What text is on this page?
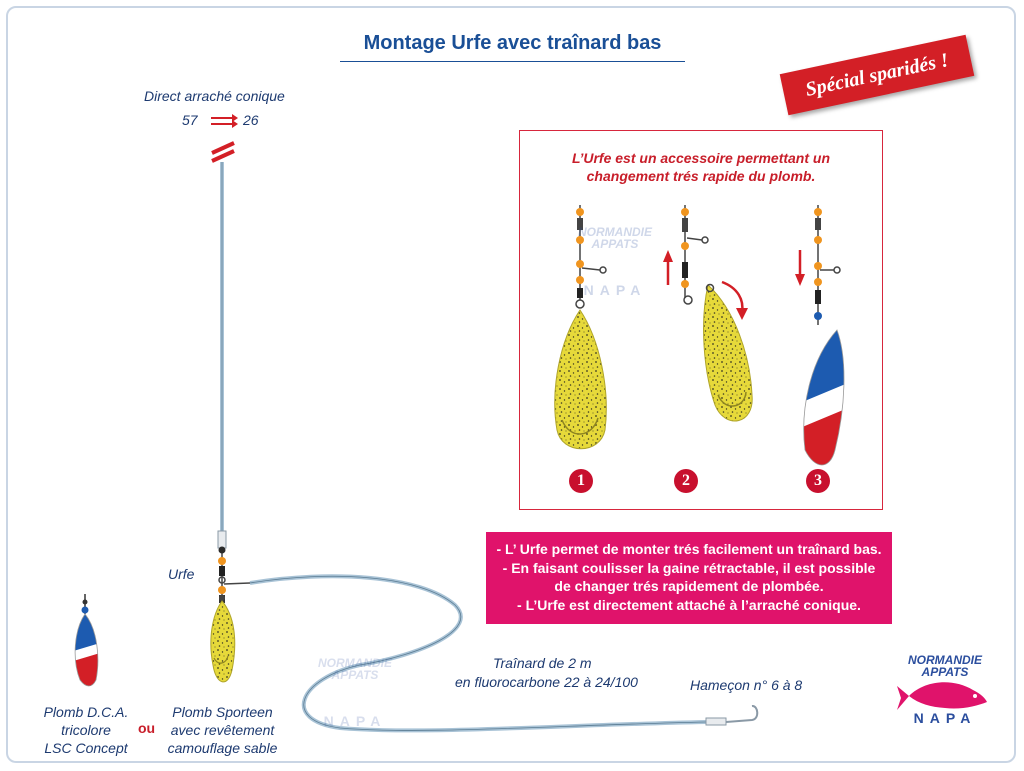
Montage Urfe avec traînard bas
Spécial sparidés !
Direct arraché conique
57	26
Urfe
Traînard de 2 m
en fluorocarbone 22 à 24/100	Hameçon n° 6 à 8
Plomb D.C.A.
tricolore
LSC Concept
ou
Plomb Sporteen
avec revêtement
camouflage sable
L’Urfe est un accessoire permettant un
changement trés rapide du plomb.
1	2	3
- L’ Urfe permet de monter trés facilement un traînard bas.
- En faisant coulisser la gaine rétractable, il est possible
de changer trés rapidement de plombée.
- L’Urfe est directement attaché à l’arraché conique.
NORMANDIE
APPATS
NAPA
NORMANDIE
APPATS
NAPA
NORMANDIE
APPATS
NAPA
